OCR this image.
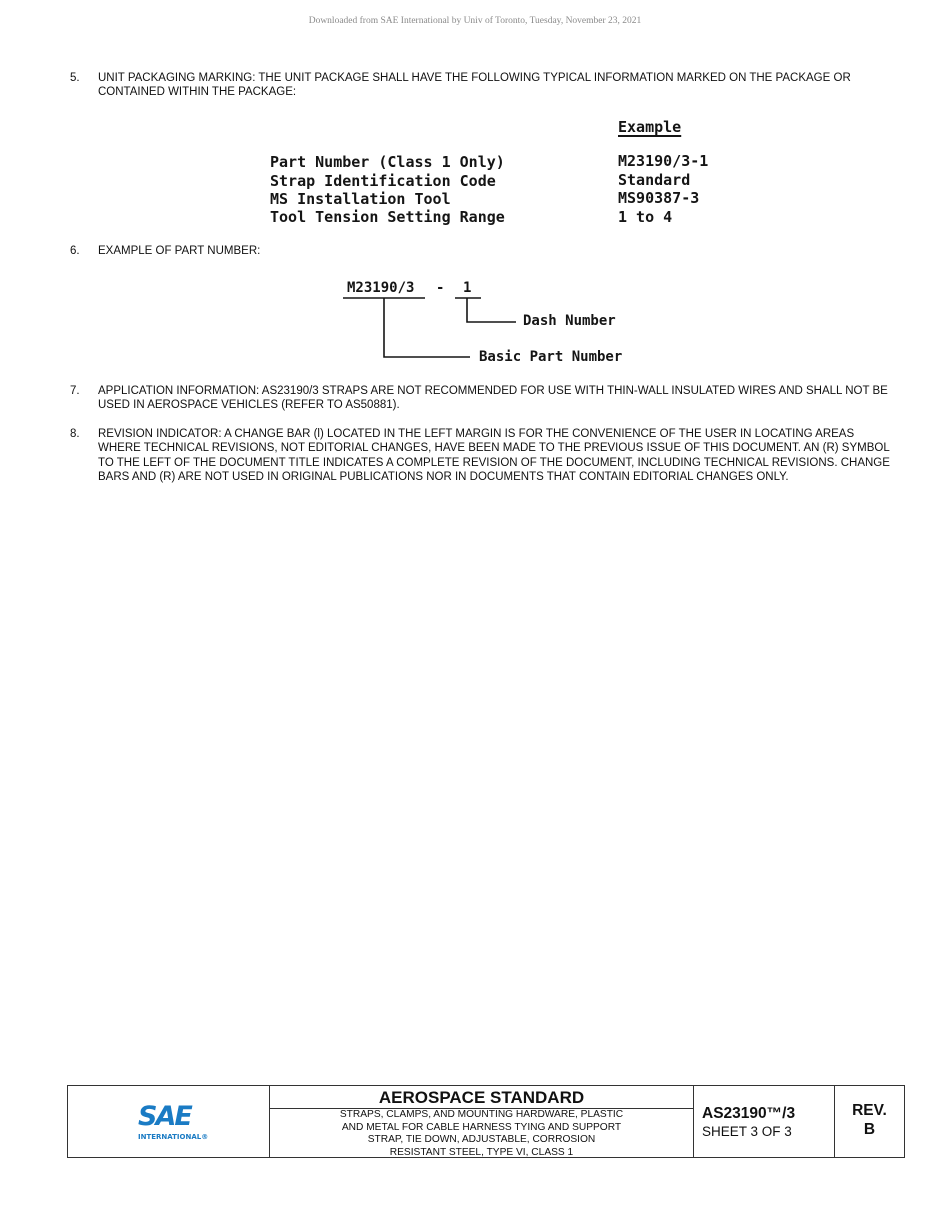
Downloaded from SAE International by Univ of Toronto, Tuesday, November 23, 2021
5. UNIT PACKAGING MARKING: THE UNIT PACKAGE SHALL HAVE THE FOLLOWING TYPICAL INFORMATION MARKED ON THE PACKAGE OR CONTAINED WITHIN THE PACKAGE:
Example
Part Number (Class 1 Only)
Strap Identification Code
MS Installation Tool
Tool Tension Setting Range
M23190/3-1
Standard
MS90387-3
1 to 4
6. EXAMPLE OF PART NUMBER:
M23190/3 - 1
Dash Number
Basic Part Number
7. APPLICATION INFORMATION: AS23190/3 STRAPS ARE NOT RECOMMENDED FOR USE WITH THIN-WALL INSULATED WIRES AND SHALL NOT BE USED IN AEROSPACE VEHICLES (REFER TO AS50881).
8. REVISION INDICATOR: A CHANGE BAR (l) LOCATED IN THE LEFT MARGIN IS FOR THE CONVENIENCE OF THE USER IN LOCATING AREAS WHERE TECHNICAL REVISIONS, NOT EDITORIAL CHANGES, HAVE BEEN MADE TO THE PREVIOUS ISSUE OF THIS DOCUMENT. AN (R) SYMBOL TO THE LEFT OF THE DOCUMENT TITLE INDICATES A COMPLETE REVISION OF THE DOCUMENT, INCLUDING TECHNICAL REVISIONS. CHANGE BARS AND (R) ARE NOT USED IN ORIGINAL PUBLICATIONS NOR IN DOCUMENTS THAT CONTAIN EDITORIAL CHANGES ONLY.
SAE
INTERNATIONAL®
AEROSPACE STANDARD
STRAPS, CLAMPS, AND MOUNTING HARDWARE, PLASTIC
AND METAL FOR CABLE HARNESS TYING AND SUPPORT
STRAP, TIE DOWN, ADJUSTABLE, CORROSION
RESISTANT STEEL, TYPE VI, CLASS 1
AS23190™/3
SHEET 3 OF 3
REV.
B
